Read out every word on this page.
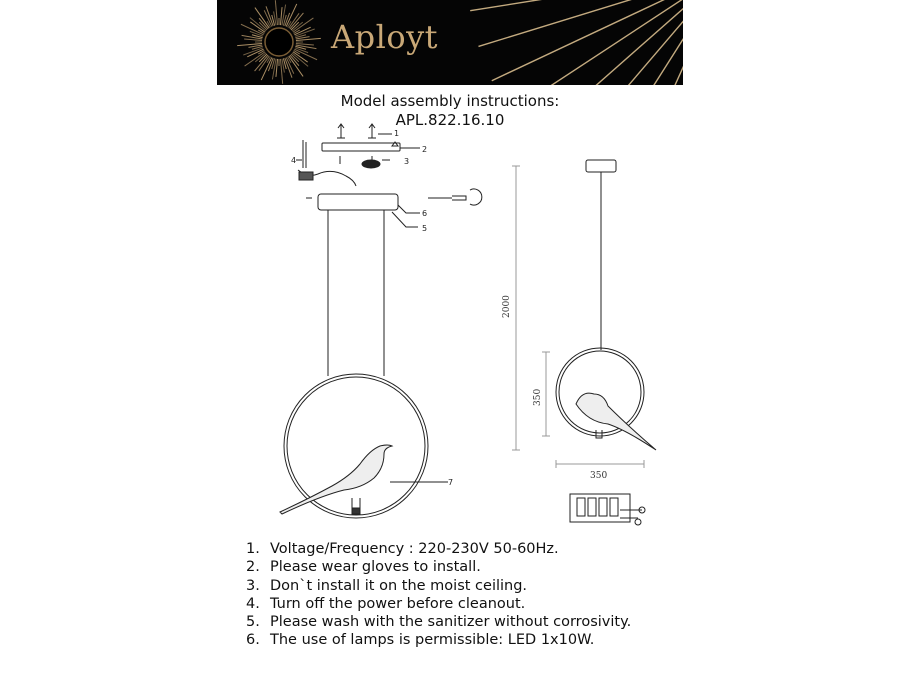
Aployt
Model assembly instructions:
APL.822.16.10
1
2
3
4
5
6
7
2000
350
350
1. Voltage/Frequency : 220-230V 50-60Hz.
2. Please wear gloves to install.
3. Don`t install it on the moist ceiling.
4. Turn off the power before cleanout.
5. Please wash with the sanitizer without corrosivity.
6. The use of lamps is permissible: LED 1x10W.
